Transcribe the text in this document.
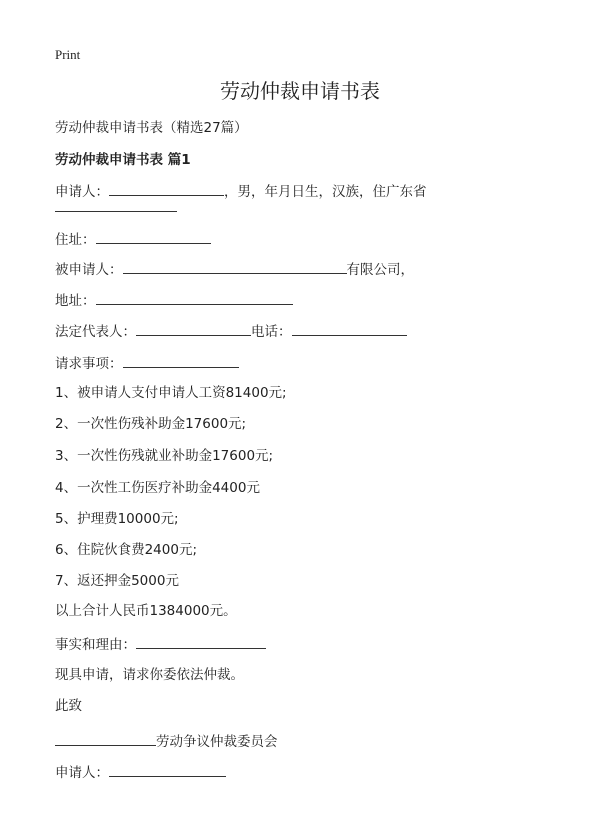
Print
劳动仲裁申请书表
劳动仲裁申请书表（精选27篇）
劳动仲裁申请书表 篇1
申请人：	，男，年月日生，汉族，住广东省
住址：
被申请人：	有限公司，
地址：
法定代表人：	电话：
请求事项：
1、被申请人支付申请人工资81400元;
2、一次性伤残补助金17600元;
3、一次性伤残就业补助金17600元;
4、一次性工伤医疗补助金4400元
5、护理费10000元;
6、住院伙食费2400元;
7、返还押金5000元
以上合计人民币1384000元。
事实和理由：
现具申请，请求你委依法仲裁。
此致
劳动争议仲裁委员会
申请人：
